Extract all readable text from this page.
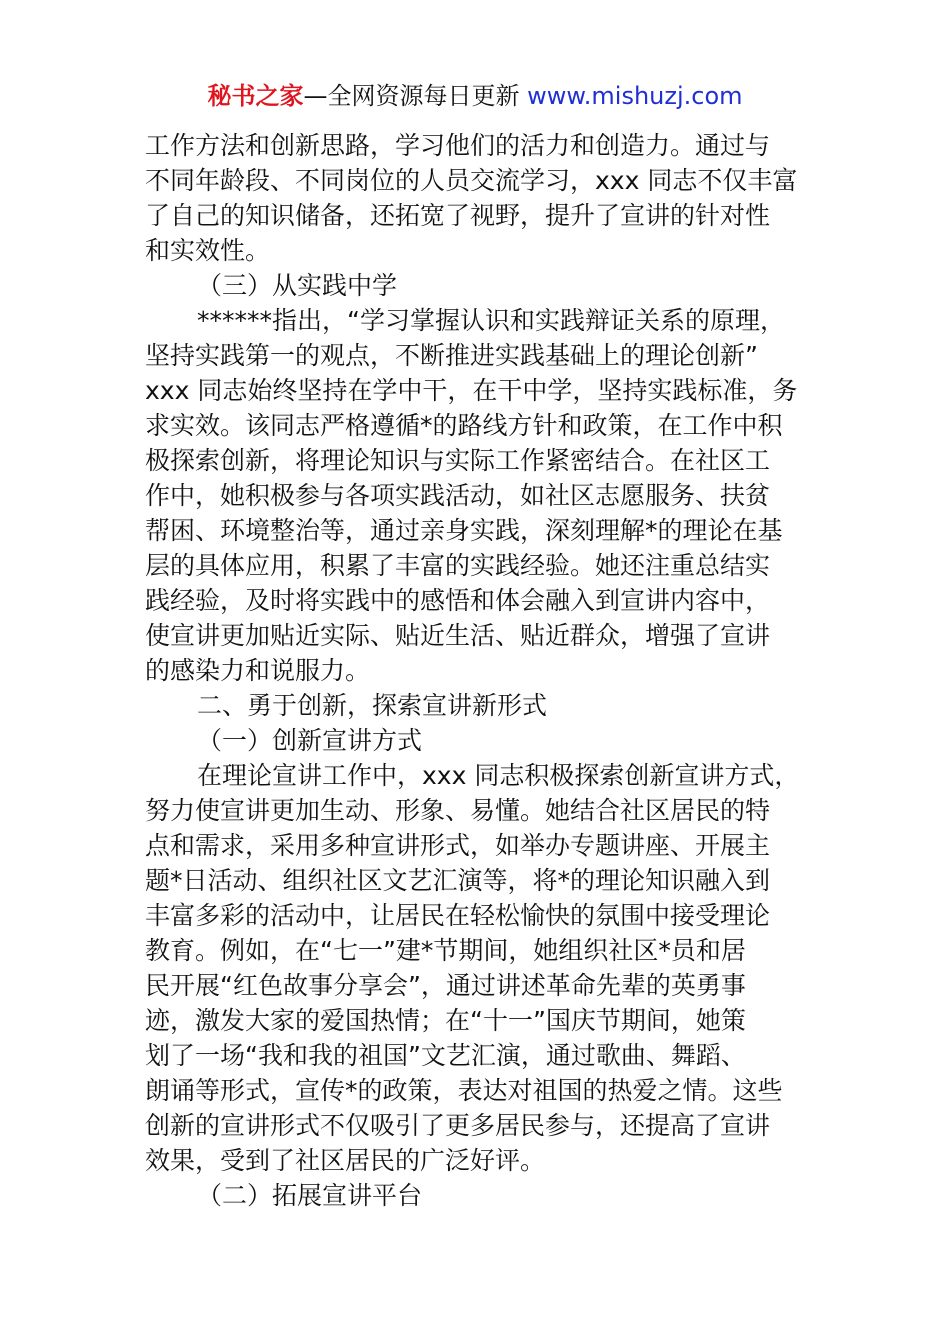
秘书之家—全网资源每日更新 www.mishuzj.com
工作方法和创新思路，学习他们的活力和创造力。通过与
不同年龄段、不同岗位的人员交流学习，xxx 同志不仅丰富
了自己的知识储备，还拓宽了视野，提升了宣讲的针对性
和实效性。
（三）从实践中学
******指出，“学习掌握认识和实践辩证关系的原理，
坚持实践第一的观点，不断推进实践基础上的理论创新”
xxx 同志始终坚持在学中干，在干中学，坚持实践标准，务
求实效。该同志严格遵循*的路线方针和政策，在工作中积
极探索创新，将理论知识与实际工作紧密结合。在社区工
作中，她积极参与各项实践活动，如社区志愿服务、扶贫
帮困、环境整治等，通过亲身实践，深刻理解*的理论在基
层的具体应用，积累了丰富的实践经验。她还注重总结实
践经验，及时将实践中的感悟和体会融入到宣讲内容中，
使宣讲更加贴近实际、贴近生活、贴近群众，增强了宣讲
的感染力和说服力。
二、勇于创新，探索宣讲新形式
（一）创新宣讲方式
在理论宣讲工作中，xxx 同志积极探索创新宣讲方式，
努力使宣讲更加生动、形象、易懂。她结合社区居民的特
点和需求，采用多种宣讲形式，如举办专题讲座、开展主
题*日活动、组织社区文艺汇演等，将*的理论知识融入到
丰富多彩的活动中，让居民在轻松愉快的氛围中接受理论
教育。例如，在“七一”建*节期间，她组织社区*员和居
民开展“红色故事分享会”，通过讲述革命先辈的英勇事
迹，激发大家的爱国热情；在“十一”国庆节期间，她策
划了一场“我和我的祖国”文艺汇演，通过歌曲、舞蹈、
朗诵等形式，宣传*的政策，表达对祖国的热爱之情。这些
创新的宣讲形式不仅吸引了更多居民参与，还提高了宣讲
效果，受到了社区居民的广泛好评。
（二）拓展宣讲平台
